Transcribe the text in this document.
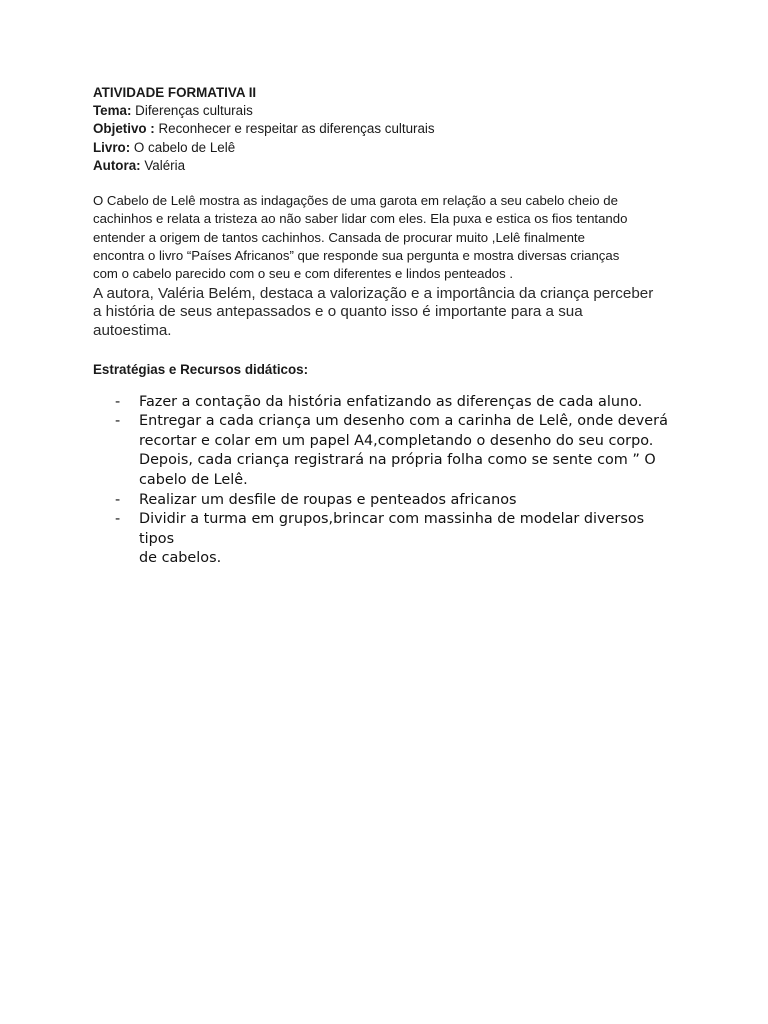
ATIVIDADE FORMATIVA II

Tema: Diferenças culturais

Objetivo : Reconhecer e respeitar as diferenças culturais

Livro: O cabelo de Lelê

Autora: Valéria

O Cabelo de Lelê mostra as indagações de uma garota em relação a seu cabelo cheio de

cachinhos e relata a tristeza ao não saber lidar com eles. Ela puxa e estica os fios tentando

entender a origem de tantos cachinhos. Cansada de procurar muito ,Lelê finalmente

encontra o livro “Países Africanos” que responde sua pergunta e mostra diversas crianças

com o cabelo parecido com o seu e com diferentes e lindos penteados .

A autora, Valéria Belém, destaca a valorização e a importância da criança perceber

a história de seus antepassados e o quanto isso é importante para a sua

autoestima.

Estratégias e Recursos didáticos:
- Fazer a contação da história enfatizando as diferenças de cada aluno.
- Entregar a cada criança um desenho com a carinha de Lelê, onde deverá
recortar e colar em um papel A4,completando o desenho do seu corpo.
Depois, cada criança registrará na própria folha como se sente com ” O
cabelo de Lelê.
- Realizar um desfile de roupas e penteados africanos
- Dividir a turma em grupos,brincar com massinha de modelar diversos tipos
de cabelos.
